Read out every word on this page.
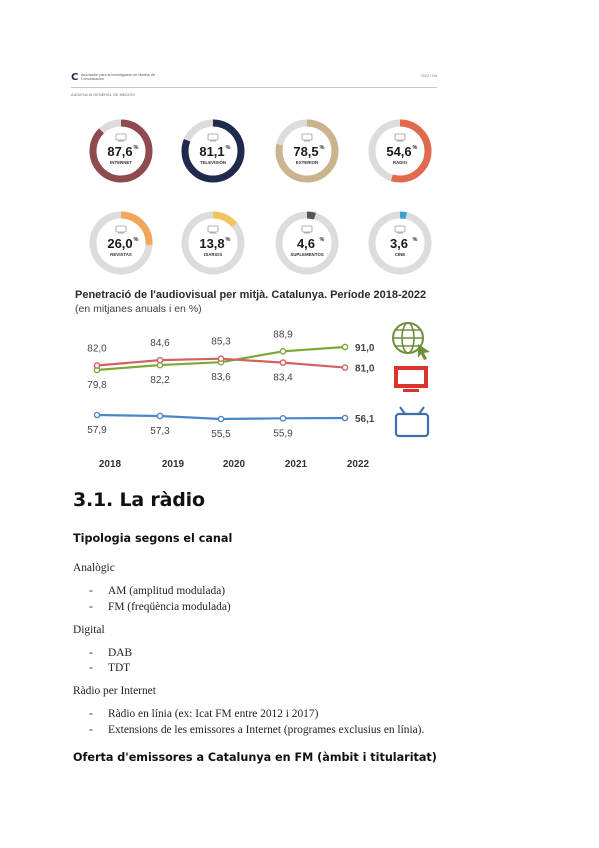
C Asociación para la Investigación de Medios de Comunicación
2022 / 2Ia
AUDIENCIA GENERAL DE MEDIOS
87,6 %
INTERNET
81,1 %
TELEVISIÓN
78,5 %
EXTERIOR
54,6 %
RADIO
26,0 %
REVISTAS
13,8 %
DIARIOS
4,6 %
SUPLEMENTOS
3,6 %
CINE
Penetració de l'audiovisual per mitjà. Catalunya. Període 2018-2022
(en mitjanes anuals i en %)
79,8	82,2	83,6
88,9
91,0
82,0	84,6	85,3
83,4
81,0
57,9	57,3	55,5	55,9
56,1
2018	2019	2020	2021	2022
3.1. La ràdio
Tipologia segons el canal
Analògic
- AM (amplitud modulada)
- FM (freqüència modulada)
Digital
- DAB
- TDT
Ràdio per Internet
- Ràdio en línia (ex: Icat FM entre 2012 i 2017)
- Extensions de les emissores a Internet (programes exclusius en línia).
Oferta d'emissores a Catalunya en FM (àmbit i titularitat)
